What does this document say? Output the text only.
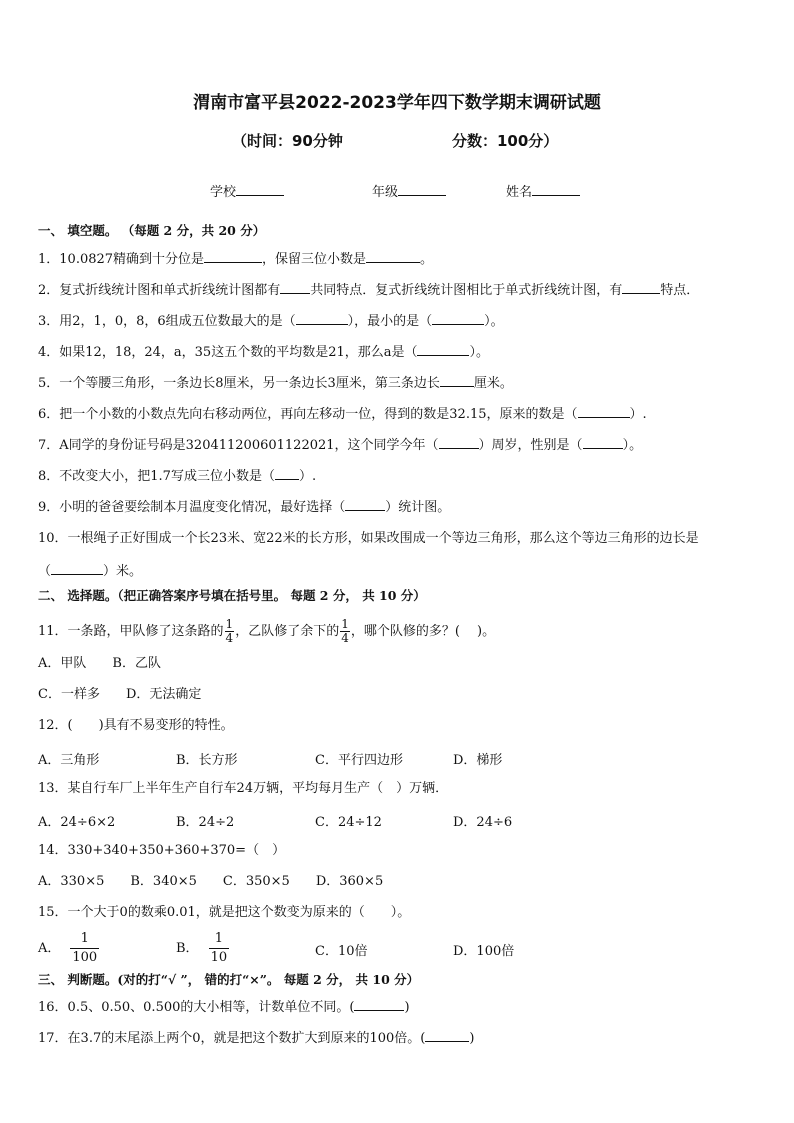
渭南市富平县2022-2023学年四下数学期末调研试题
（时间：90分钟	分数：100分）
学校	年级	姓名
一、 填空题。 （每题 2 分，共 20 分）
1．10.0827精确到十分位是	，保留三位小数是	。
2．复式折线统计图和单式折线统计图都有 共同特点．复式折线统计图相比于单式折线统计图，有	特点．
3．用2，1，0，8，6组成五位数最大的是（	），最小的是（	）。
4．如果12，18，24，a，35这五个数的平均数是21，那么a是（	）。
5．一个等腰三角形，一条边长8厘米，另一条边长3厘米，第三条边长	厘米。
6．把一个小数的小数点先向右移动两位，再向左移动一位，得到的数是32.15，原来的数是（	）.
7．A同学的身份证号码是320411200601122021，这个同学今年（	）周岁，性别是（	）。
8．不改变大小，把1.7写成三位小数是（ ）.
9．小明的爸爸要绘制本月温度变化情况，最好选择（	）统计图。
10．一根绳子正好围成一个长23米、宽22米的长方形，如果改围成一个等边三角形，那么这个等边三角形的边长是
（	）米。
二、 选择题。（把正确答案序号填在括号里。 每题 2 分， 共 10 分）
11．一条路，甲队修了这条路的 $\frac{1}{4}$ ，乙队修了余下的 $\frac{1}{4}$ ，哪个队修的多？(　 )。
A．甲队　　B．乙队
C．一样多　　D．无法确定
12．(　　)具有不易变形的特性。
A．三角形	B．长方形	C．平行四边形	D．梯形
13．某自行车厂上半年生产自行车24万辆，平均每月生产（　）万辆．
A．24÷6×2	B．24÷2	C．24÷12	D．24÷6
14．330+340+350+360+370=（　）
A．330×5　　B．340×5　　C．350×5　　D．360×5
15．一个大于0的数乘0.01，就是把这个数变为原来的（　　）。
A． $\frac{1}{100}$	B． $\frac{1}{10}$	C．10倍	D．100倍
三、 判断题。(对的打“√ ”， 错的打“×”。 每题 2 分， 共 10 分）
16．0.5、0.50、0.500的大小相等，计数单位不同。(	)
17．在3.7的末尾添上两个0，就是把这个数扩大到原来的100倍。(	)
